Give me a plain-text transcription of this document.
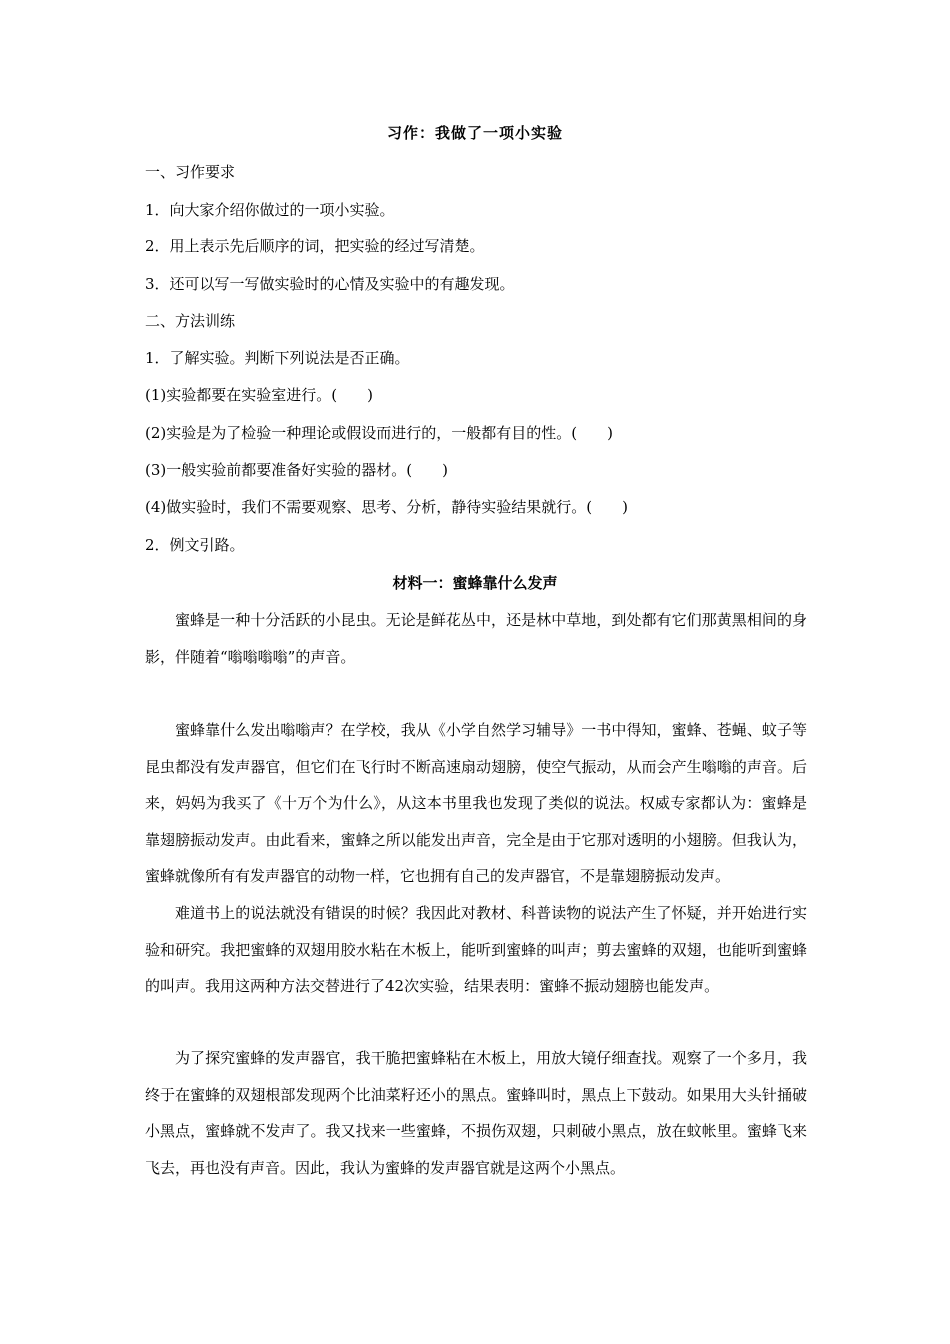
习作：我做了一项小实验
一、习作要求
1．向大家介绍你做过的一项小实验。
2．用上表示先后顺序的词，把实验的经过写清楚。
3．还可以写一写做实验时的心情及实验中的有趣发现。
二、方法训练
1．了解实验。判断下列说法是否正确。
(1)实验都要在实验室进行。(　　)
(2)实验是为了检验一种理论或假设而进行的，一般都有目的性。(　　)
(3)一般实验前都要准备好实验的器材。(　　)
(4)做实验时，我们不需要观察、思考、分析，静待实验结果就行。(　　)
2．例文引路。
材料一：蜜蜂靠什么发声

蜜蜂是一种十分活跃的小昆虫。无论是鲜花丛中，还是林中草地，到处都有它们那黄黑相间的身影，伴随着“嗡嗡嗡嗡”的声音。

蜜蜂靠什么发出嗡嗡声？在学校，我从《小学自然学习辅导》一书中得知，蜜蜂、苍蝇、蚊子等昆虫都没有发声器官，但它们在飞行时不断高速扇动翅膀，使空气振动，从而会产生嗡嗡的声音。后来，妈妈为我买了《十万个为什么》，从这本书里我也发现了类似的说法。权威专家都认为：蜜蜂是靠翅膀振动发声。由此看来，蜜蜂之所以能发出声音，完全是由于它那对透明的小翅膀。但我认为，蜜蜂就像所有有发声器官的动物一样，它也拥有自己的发声器官，不是靠翅膀振动发声。

难道书上的说法就没有错误的时候？我因此对教材、科普读物的说法产生了怀疑，并开始进行实验和研究。我把蜜蜂的双翅用胶水粘在木板上，能听到蜜蜂的叫声；剪去蜜蜂的双翅，也能听到蜜蜂的叫声。我用这两种方法交替进行了42次实验，结果表明：蜜蜂不振动翅膀也能发声。

为了探究蜜蜂的发声器官，我干脆把蜜蜂粘在木板上，用放大镜仔细查找。观察了一个多月，我终于在蜜蜂的双翅根部发现两个比油菜籽还小的黑点。蜜蜂叫时，黑点上下鼓动。如果用大头针捅破小黑点，蜜蜂就不发声了。我又找来一些蜜蜂，不损伤双翅，只刺破小黑点，放在蚊帐里。蜜蜂飞来飞去，再也没有声音。因此，我认为蜜蜂的发声器官就是这两个小黑点。
